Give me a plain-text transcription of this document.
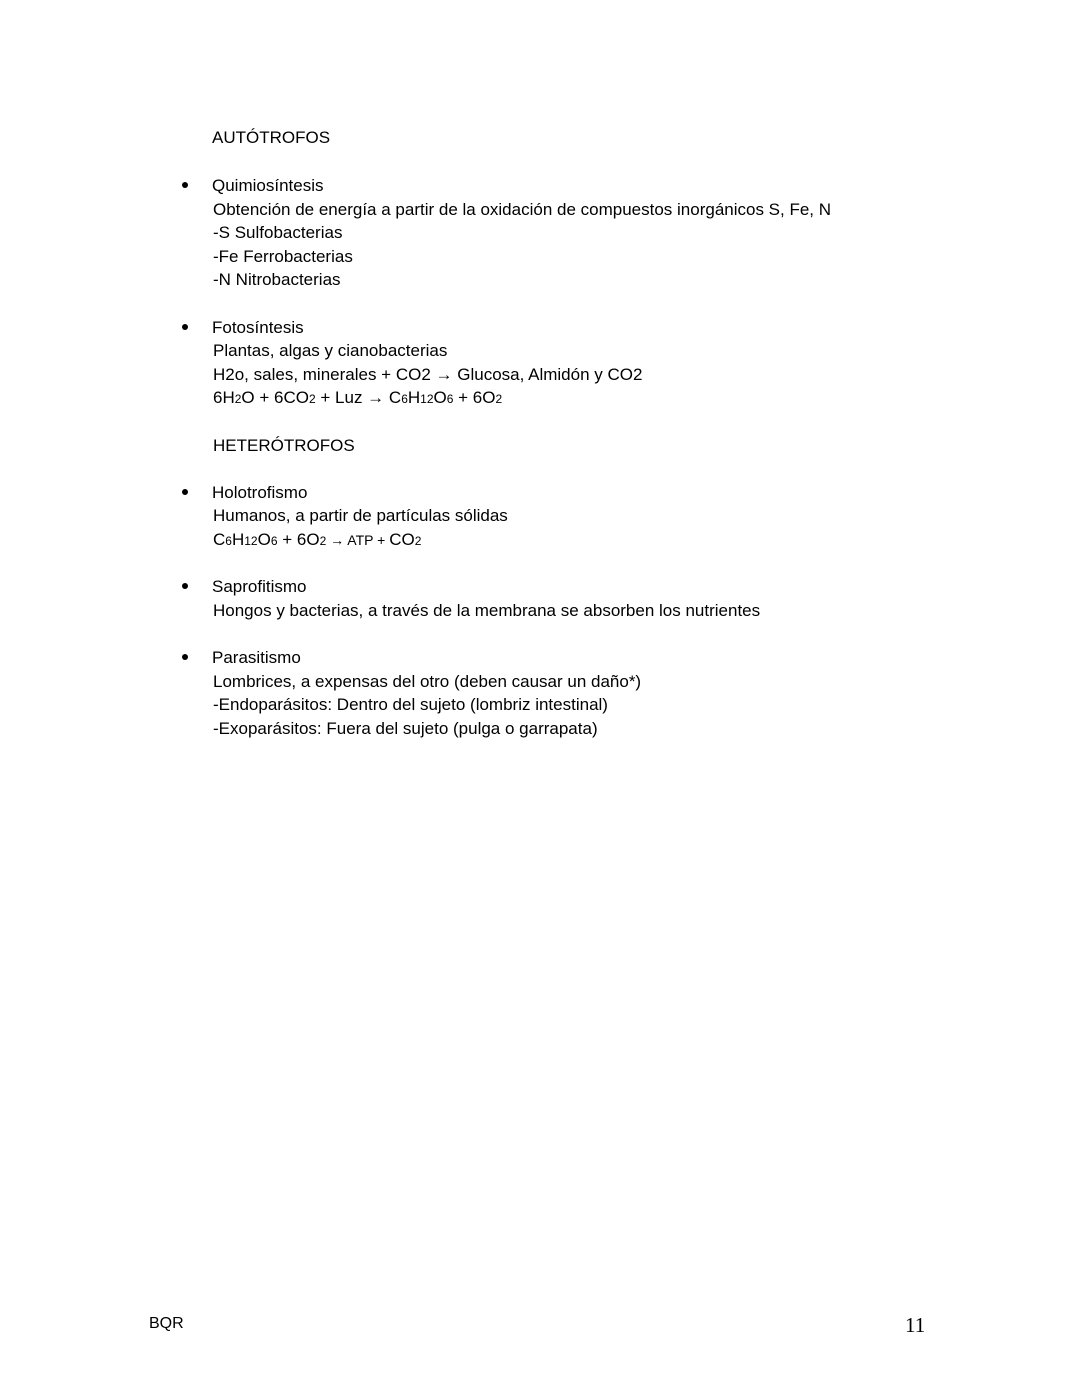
AUTÓTROFOS
Quimiosíntesis
Obtención de energía a partir de la oxidación de compuestos inorgánicos S, Fe, N
-S Sulfobacterias
-Fe Ferrobacterias
-N Nitrobacterias
Fotosíntesis
Plantas, algas y cianobacterias
H2o, sales, minerales + CO2 → Glucosa, Almidón y CO2
6H2O + 6CO2 + Luz → C6H12O6 + 6O2
HETERÓTROFOS
Holotrofismo
Humanos, a partir de partículas sólidas
C6H12O6 + 6O2 → ATP + CO2
Saprofitismo
Hongos y bacterias, a través de la membrana se absorben los nutrientes
Parasitismo
Lombrices, a expensas del otro (deben causar un daño*)
-Endoparásitos: Dentro del sujeto (lombriz intestinal)
-Exoparásitos: Fuera del sujeto (pulga o garrapata)
BQR	11
